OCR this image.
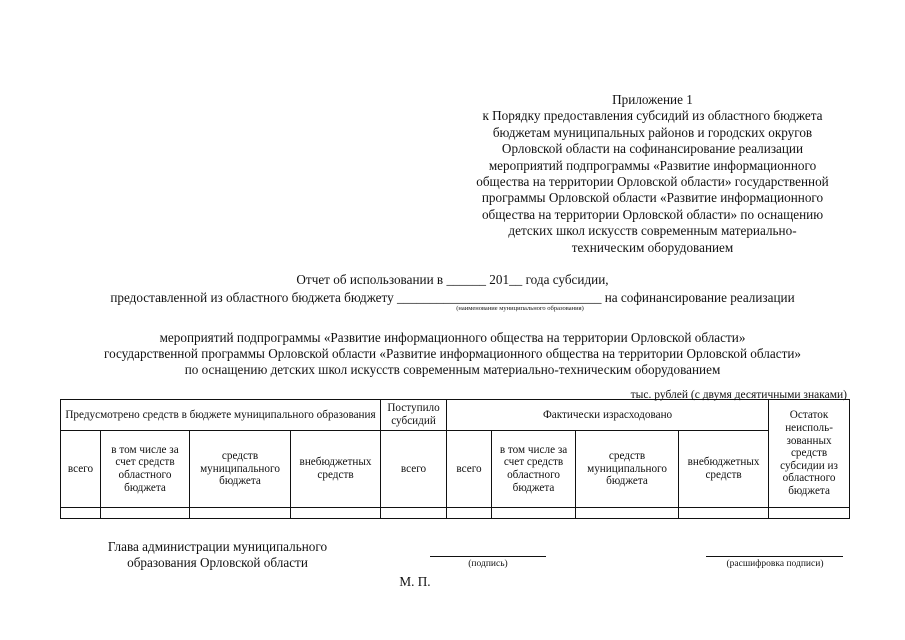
Приложение 1
к Порядку предоставления субсидий из областного бюджета
бюджетам муниципальных районов и городских округов
Орловской области на софинансирование реализации
мероприятий подпрограммы «Развитие информационного
общества на территории Орловской области» государственной
программы Орловской области «Развитие информационного
общества на территории Орловской области» по оснащению
детских школ искусств современным материально-
техническим оборудованием
Отчет об использовании в ______ 201__ года субсидии,
предоставленной из областного бюджета бюджету _______________________________ на софинансирование реализации
(наименование муниципального образования)
мероприятий подпрограммы «Развитие информационного общества на территории Орловской области»
государственной программы Орловской области «Развитие информационного общества на территории Орловской области»
по оснащению детских школ искусств современным материально-техническим оборудованием
тыс. рублей (с двумя десятичными знаками)
Предусмотрено средств в бюджете муниципального образования				Поступило субсидий	Фактически израсходовано				Остаток неисполь-зованных средств субсидии из областного бюджета
всего	в том числе за счет средств областного бюджета	средств муниципального бюджета	внебюджетных средств	всего	всего	в том числе за счет средств областного бюджета	средств муниципального бюджета	внебюджетных средств	

Глава администрации муниципального
образования Орловской области	(подпись)	(расшифровка подписи)
М. П.
